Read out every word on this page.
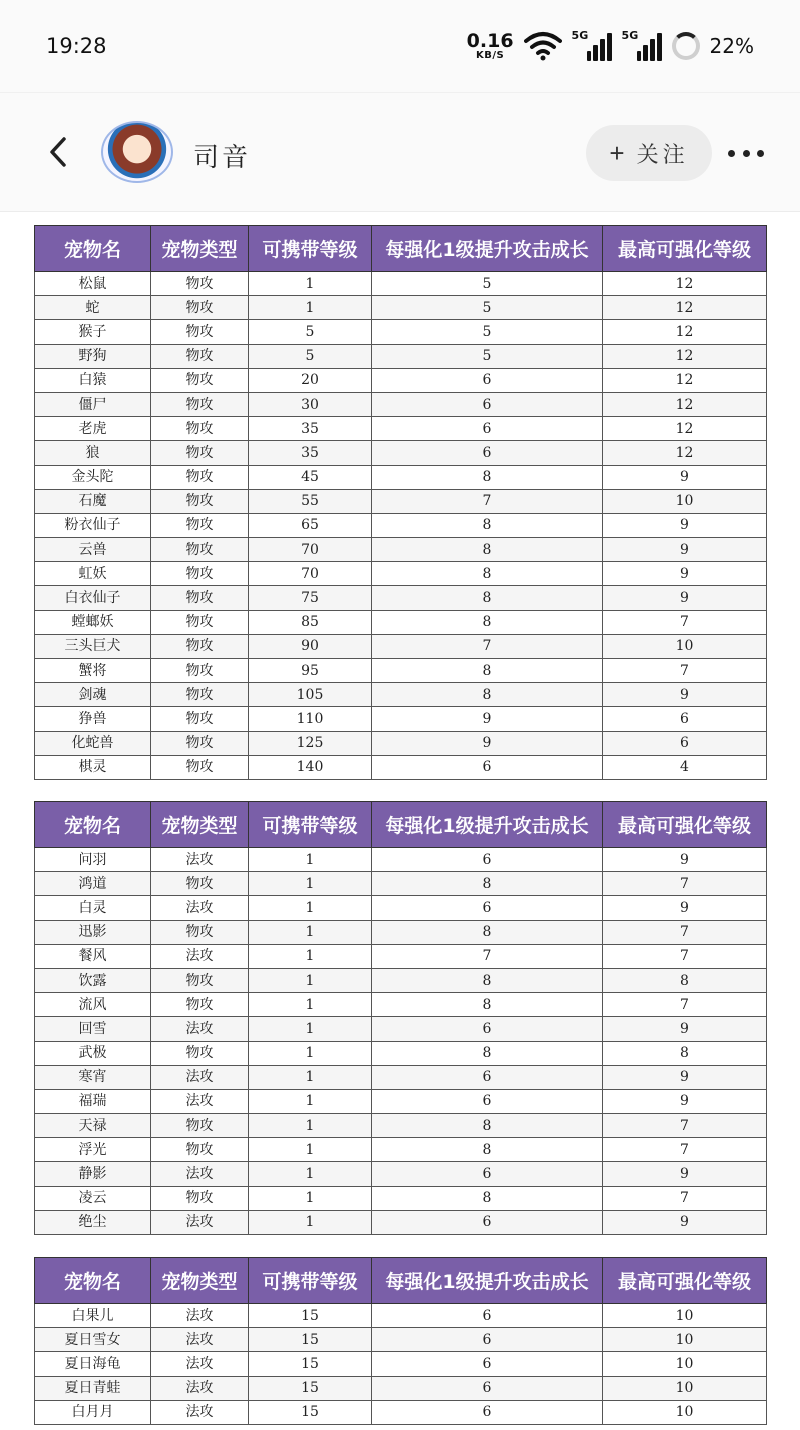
19:28	0.16
KB/S
5G	5G	22%
司音	+ 关注
宠物名	宠物类型	可携带等级	每强化1级提升攻击成长	最高可强化等级
松鼠	物攻	1	5	12
蛇	物攻	1	5	12
猴子	物攻	5	5	12
野狗	物攻	5	5	12
白猿	物攻	20	6	12
僵尸	物攻	30	6	12
老虎	物攻	35	6	12
狼	物攻	35	6	12
金头陀	物攻	45	8	9
石魔	物攻	55	7	10
粉衣仙子	物攻	65	8	9
云兽	物攻	70	8	9
虹妖	物攻	70	8	9
白衣仙子	物攻	75	8	9
螳螂妖	物攻	85	8	7
三头巨犬	物攻	90	7	10
蟹将	物攻	95	8	7
剑魂	物攻	105	8	9
狰兽	物攻	110	9	6
化蛇兽	物攻	125	9	6
棋灵	物攻	140	6	4
宠物名	宠物类型	可携带等级	每强化1级提升攻击成长	最高可强化等级
问羽	法攻	1	6	9
鸿道	物攻	1	8	7
白灵	法攻	1	6	9
迅影	物攻	1	8	7
餐风	法攻	1	7	7
饮露	物攻	1	8	8
流风	物攻	1	8	7
回雪	法攻	1	6	9
武极	物攻	1	8	8
寒宵	法攻	1	6	9
福瑞	法攻	1	6	9
天禄	物攻	1	8	7
浮光	物攻	1	8	7
静影	法攻	1	6	9
凌云	物攻	1	8	7
绝尘	法攻	1	6	9
宠物名	宠物类型	可携带等级	每强化1级提升攻击成长	最高可强化等级
白果儿	法攻	15	6	10
夏日雪女	法攻	15	6	10
夏日海龟	法攻	15	6	10
夏日青蛙	法攻	15	6	10
白月月	法攻	15	6	10
